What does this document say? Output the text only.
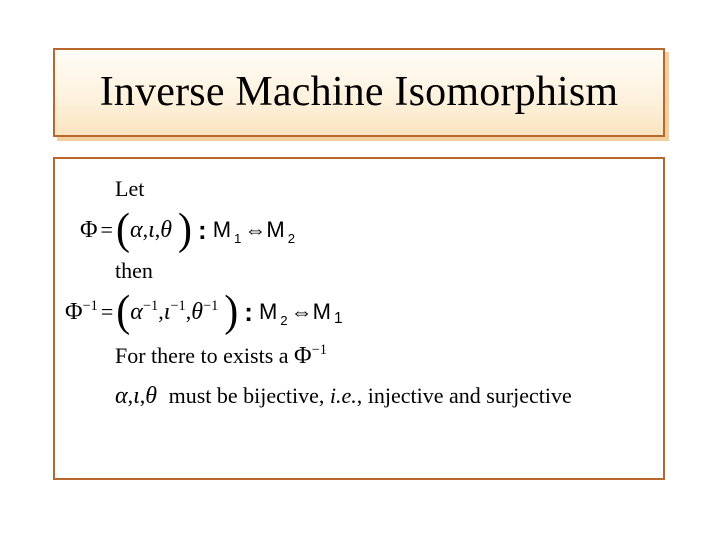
Inverse Machine Isomorphism
Let
Φ = ( α , ι , θ ) : M $_1$ ⇔ M $_2$
then
$\Phi^{-1}$ = ( $\alpha^{-1}$ , $\iota^{-1}$ , $\theta^{-1}$ ) : M $_2$ ⇔ M 1
For there to exists a $\Phi^{-1}$
α,ι,θ must be bijective, i.e., injective and surjective
